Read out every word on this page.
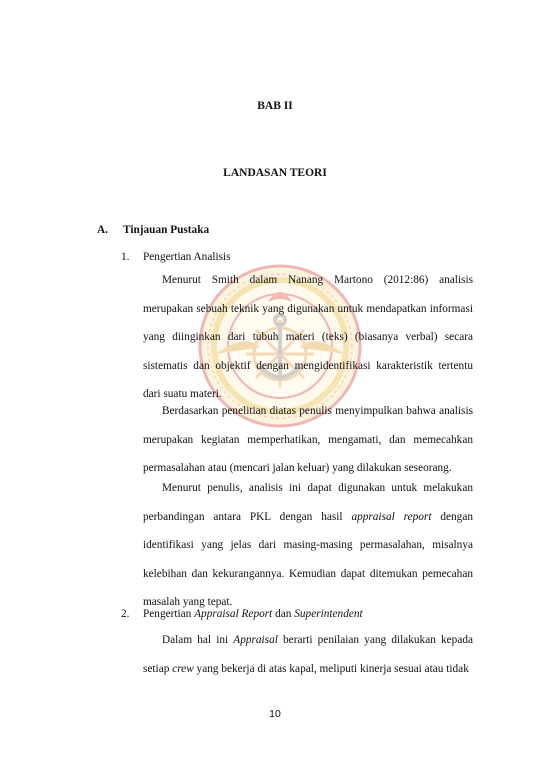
BAB II
LANDASAN TEORI
A. Tinjauan Pustaka
1. Pengertian Analisis

Menurut Smith dalam Nanang Martono (2012:86) analisis merupakan sebuah teknik yang digunakan untuk mendapatkan informasi yang diinginkan dari tubuh materi (teks) (biasanya verbal) secara sistematis dan objektif dengan mengidentifikasi karakteristik tertentu dari suatu materi.

Berdasarkan penelitian diatas penulis menyimpulkan bahwa analisis merupakan kegiatan memperhatikan, mengamati, dan memecahkan permasalahan atau (mencari jalan keluar) yang dilakukan seseorang.

Menurut penulis, analisis ini dapat digunakan untuk melakukan perbandingan antara PKL dengan hasil appraisal report dengan identifikasi yang jelas dari masing-masing permasalahan, misalnya kelebihan dan kekurangannya. Kemudian dapat ditemukan pemecahan masalah yang tepat.

2. Pengertian Appraisal Report dan Superintendent

Dalam hal ini Appraisal berarti penilaian yang dilakukan kepada setiap crew yang bekerja di atas kapal, meliputi kinerja sesuai atau tidak

10
